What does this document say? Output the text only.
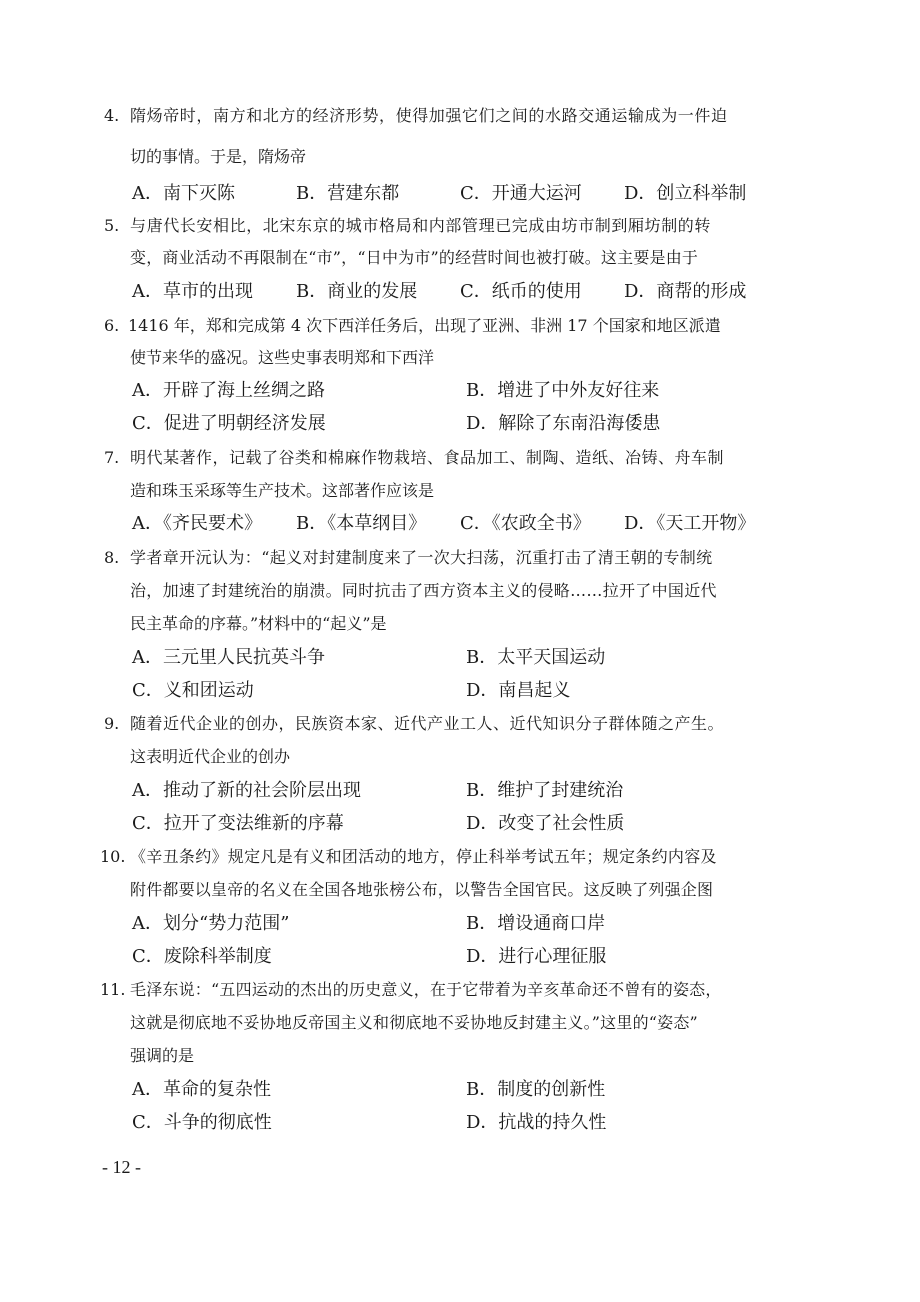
4. 隋炀帝时，南方和北方的经济形势，使得加强它们之间的水路交通运输成为一件迫
切的事情。于是，隋炀帝
A．南下灭陈	B．营建东都	C．开通大运河 D．创立科举制
5. 与唐代长安相比，北宋东京的城市格局和内部管理已完成由坊市制到厢坊制的转
变，商业活动不再限制在“市”，“日中为市”的经营时间也被打破。这主要是由于
A．草市的出现 B．商业的发展 C．纸币的使用 D．商帮的形成
6. 1416 年，郑和完成第 4 次下西洋任务后，出现了亚洲、非洲 17 个国家和地区派遣
使节来华的盛况。这些史事表明郑和下西洋
A．开辟了海上丝绸之路	B．增进了中外友好往来
C．促进了明朝经济发展	D．解除了东南沿海倭患
7. 明代某著作，记载了谷类和棉麻作物栽培、食品加工、制陶、造纸、冶铸、舟车制
造和珠玉采琢等生产技术。这部著作应该是
A．《齐民要术》 B．《本草纲目》 C．《农政全书》 D．《天工开物》
8. 学者章开沅认为：“起义对封建制度来了一次大扫荡，沉重打击了清王朝的专制统
治，加速了封建统治的崩溃。同时抗击了西方资本主义的侵略……拉开了中国近代
民主革命的序幕。”材料中的“起义”是
A．三元里人民抗英斗争	B．太平天国运动
C．义和团运动	D．南昌起义
9. 随着近代企业的创办，民族资本家、近代产业工人、近代知识分子群体随之产生。
这表明近代企业的创办
A．推动了新的社会阶层出现	B．维护了封建统治
C．拉开了变法维新的序幕	D．改变了社会性质
10. 《辛丑条约》规定凡是有义和团活动的地方，停止科举考试五年；规定条约内容及
附件都要以皇帝的名义在全国各地张榜公布，以警告全国官民。这反映了列强企图
A．划分“势力范围”	B．增设通商口岸
C．废除科举制度	D．进行心理征服
11. 毛泽东说：“五四运动的杰出的历史意义，在于它带着为辛亥革命还不曾有的姿态，
这就是彻底地不妥协地反帝国主义和彻底地不妥协地反封建主义。”这里的“姿态”
强调的是
A．革命的复杂性	B．制度的创新性
C．斗争的彻底性	D．抗战的持久性
- 12 -
